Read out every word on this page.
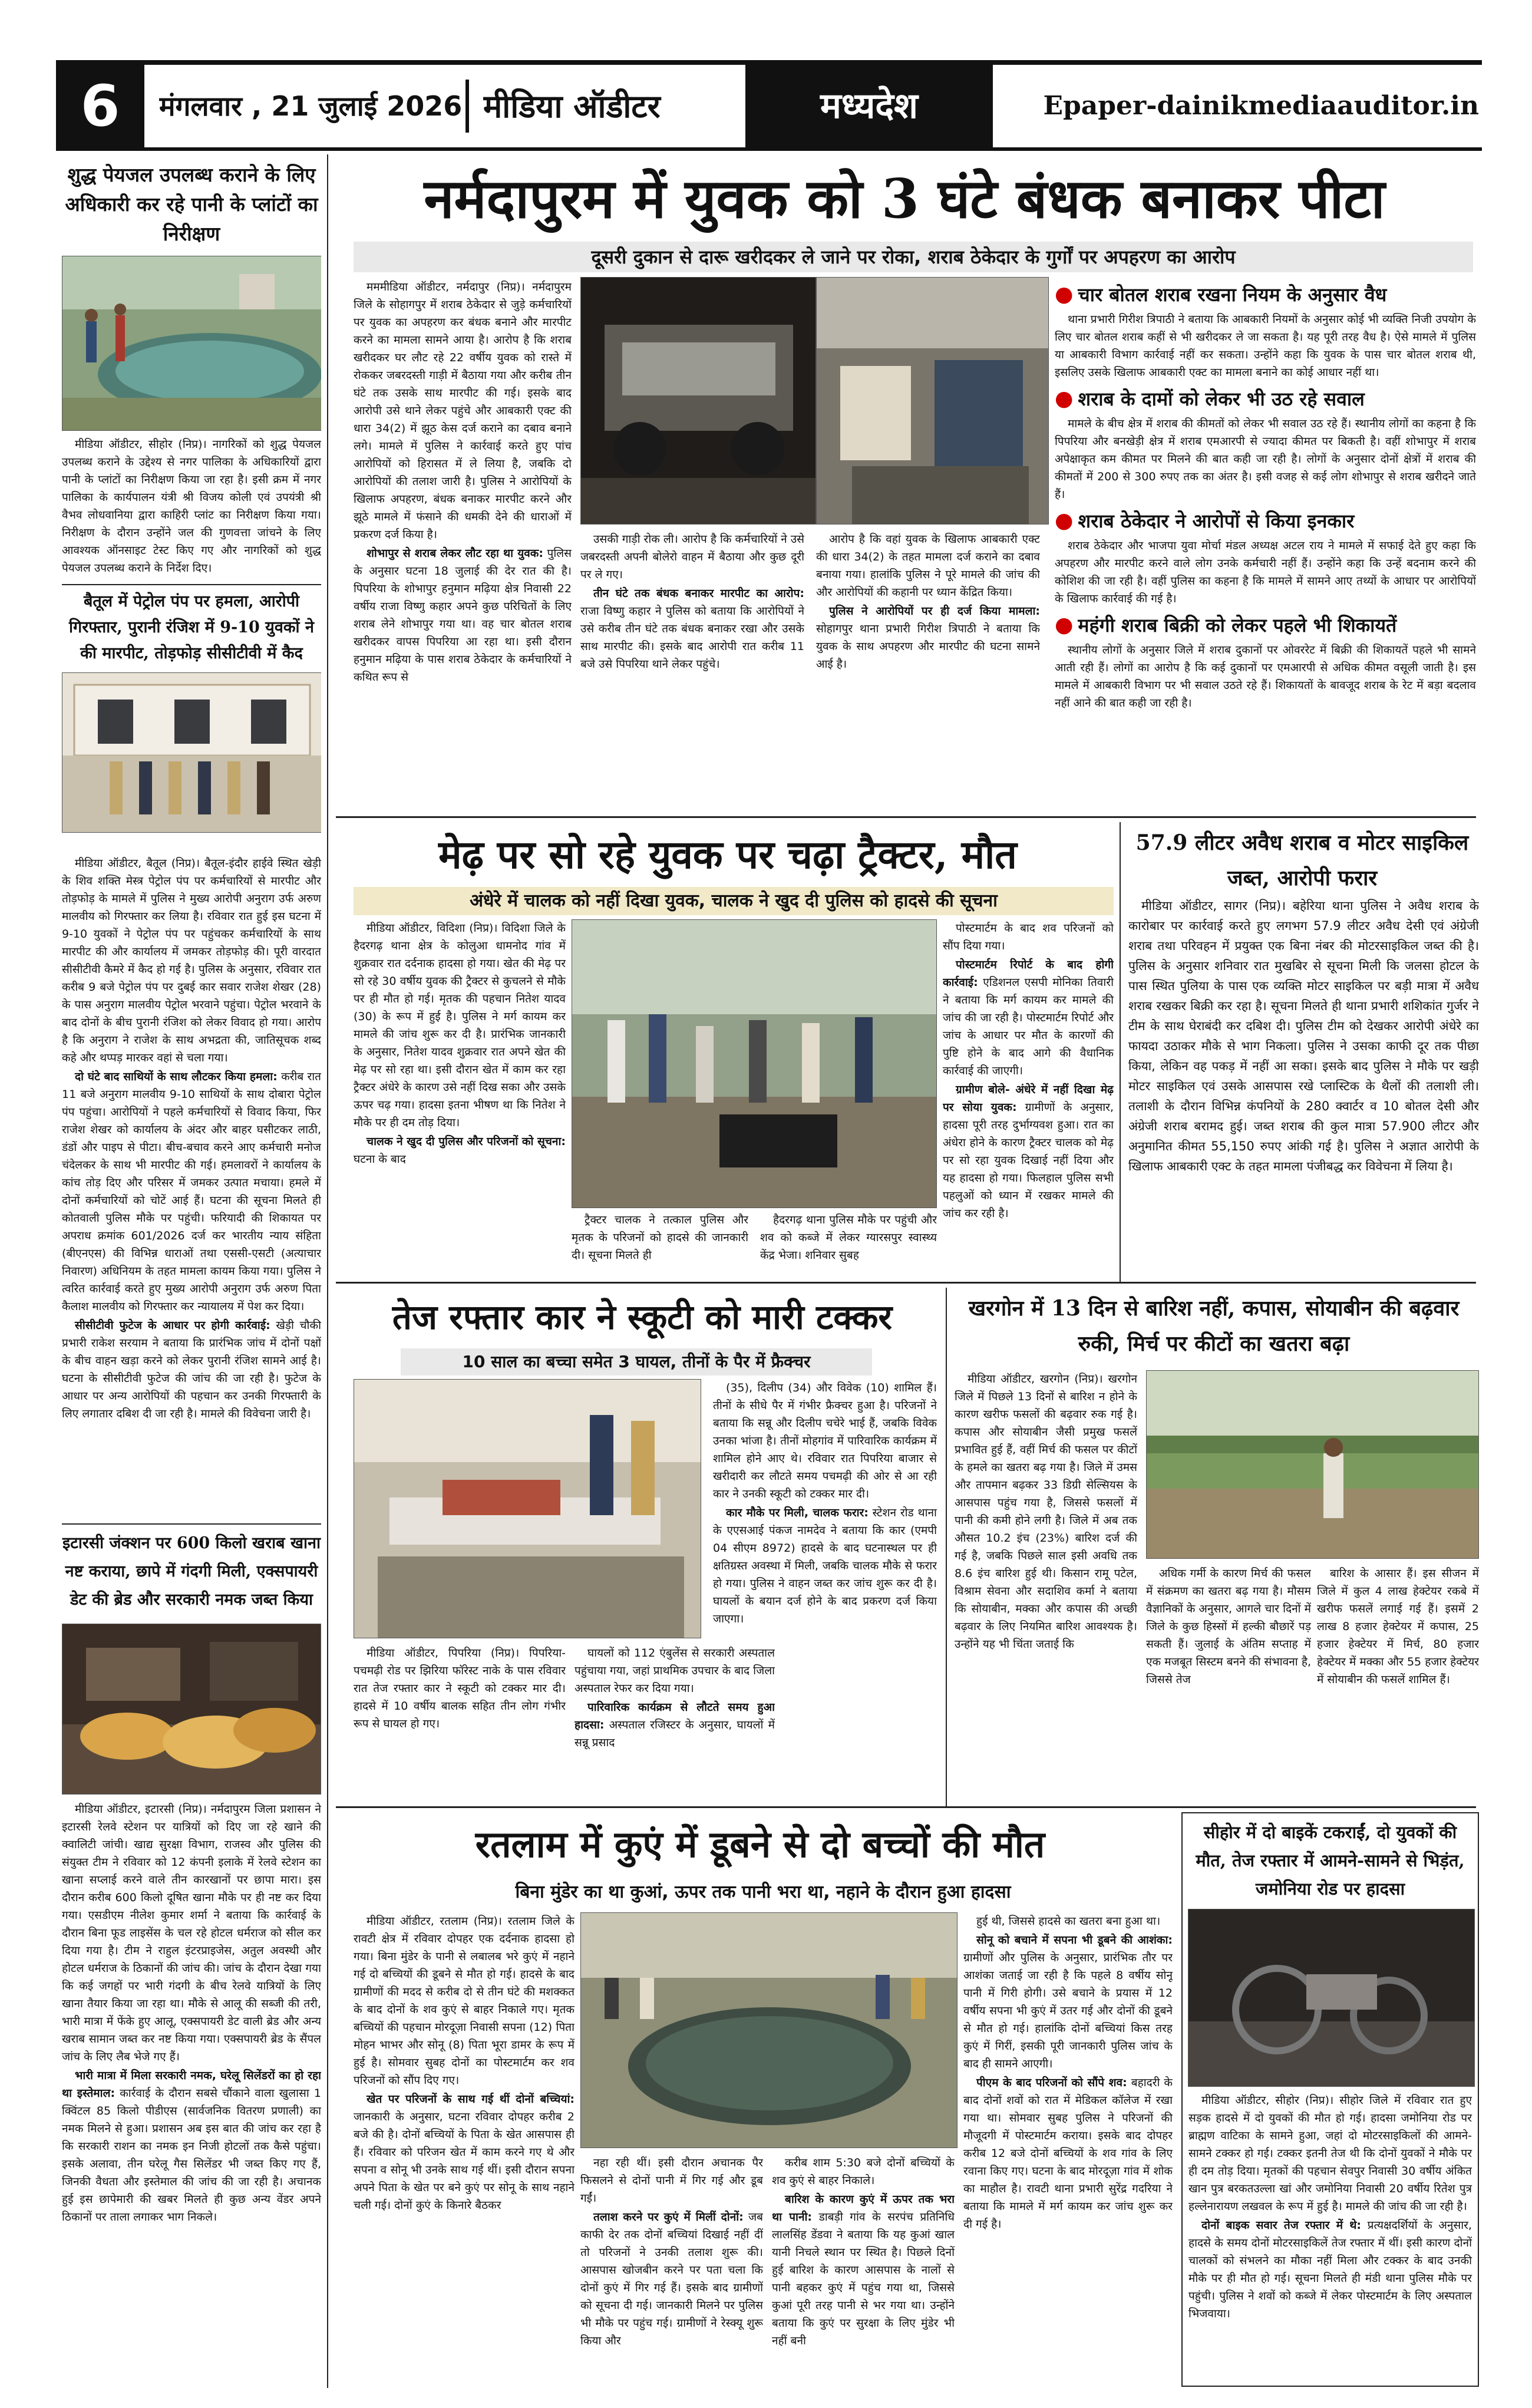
6	मंगलवार , 21 जुलाई 2026 मीडिया ऑडीटर	मध्यदेश	Epaper-dainikmediaauditor.in
शुद्ध पेयजल उपलब्ध कराने के लिए अधिकारी कर रहे पानी के प्लांटों का निरीक्षण

मीडिया ऑडीटर, सीहोर (निप्र)। नागरिकों को शुद्ध पेयजल उपलब्ध कराने के उद्देश्य से नगर पालिका के अधिकारियों द्वारा पानी के प्लांटों का निरीक्षण किया जा रहा है। इसी क्रम में नगर पालिका के कार्यपालन यंत्री श्री विजय कोली एवं उपयंत्री श्री वैभव लोधवानिया द्वारा काहिरी प्लांट का निरीक्षण किया गया। निरीक्षण के दौरान उन्होंने जल की गुणवत्ता जांचने के लिए आवश्यक ऑनसाइट टेस्ट किए गए और नागरिकों को शुद्ध पेयजल उपलब्ध कराने के निर्देश दिए।

बैतूल में पेट्रोल पंप पर हमला, आरोपी गिरफ्तार, पुरानी रंजिश में 9-10 युवकों ने की मारपीट, तोड़फोड़ सीसीटीवी में कैद

मीडिया ऑडीटर, बैतूल (निप्र)। बैतूल-इंदौर हाईवे स्थित खेड़ी के शिव शक्ति मेस्त्र पेट्रोल पंप पर कर्मचारियों से मारपीट और तोड़फोड़ के मामले में पुलिस ने मुख्य आरोपी अनुराग उर्फ अरुण मालवीय को गिरफ्तार कर लिया है। रविवार रात हुई इस घटना में 9-10 युवकों ने पेट्रोल पंप पर पहुंचकर कर्मचारियों के साथ मारपीट की और कार्यालय में जमकर तोड़फोड़ की। पूरी वारदात सीसीटीवी कैमरे में कैद हो गई है। पुलिस के अनुसार, रविवार रात करीब 9 बजे पेट्रोल पंप पर दुबई कार सवार राजेश शेखर (28) के पास अनुराग मालवीय पेट्रोल भरवाने पहुंचा। पेट्रोल भरवाने के बाद दोनों के बीच पुरानी रंजिश को लेकर विवाद हो गया। आरोप है कि अनुराग ने राजेश के साथ अभद्रता की, जातिसूचक शब्द कहे और थप्पड़ मारकर वहां से चला गया।

दो घंटे बाद साथियों के साथ लौटकर किया हमला: करीब रात 11 बजे अनुराग मालवीय 9-10 साथियों के साथ दोबारा पेट्रोल पंप पहुंचा। आरोपियों ने पहले कर्मचारियों से विवाद किया, फिर राजेश शेखर को कार्यालय के अंदर और बाहर घसीटकर लाठी, डंडों और पाइप से पीटा। बीच-बचाव करने आए कर्मचारी मनोज चंदेलकर के साथ भी मारपीट की गई। हमलावरों ने कार्यालय के कांच तोड़ दिए और परिसर में जमकर उत्पात मचाया। हमले में दोनों कर्मचारियों को चोटें आई हैं। घटना की सूचना मिलते ही कोतवाली पुलिस मौके पर पहुंची। फरियादी की शिकायत पर अपराध क्रमांक 601/2026 दर्ज कर भारतीय न्याय संहिता (बीएनएस) की विभिन्न धाराओं तथा एससी-एसटी (अत्याचार निवारण) अधिनियम के तहत मामला कायम किया गया। पुलिस ने त्वरित कार्रवाई करते हुए मुख्य आरोपी अनुराग उर्फ अरुण पिता कैलाश मालवीय को गिरफ्तार कर न्यायालय में पेश कर दिया।

सीसीटीवी फुटेज के आधार पर होगी कार्रवाई: खेड़ी चौकी प्रभारी राकेश सरयाम ने बताया कि प्रारंभिक जांच में दोनों पक्षों के बीच वाहन खड़ा करने को लेकर पुरानी रंजिश सामने आई है। घटना के सीसीटीवी फुटेज की जांच की जा रही है। फुटेज के आधार पर अन्य आरोपियों की पहचान कर उनकी गिरफ्तारी के लिए लगातार दबिश दी जा रही है। मामले की विवेचना जारी है।

इटारसी जंक्शन पर 600 किलो खराब खाना नष्ट कराया, छापे में गंदगी मिली, एक्सपायरी डेट की ब्रेड और सरकारी नमक जब्त किया

मीडिया ऑडीटर, इटारसी (निप्र)। नर्मदापुरम जिला प्रशासन ने इटारसी रेलवे स्टेशन पर यात्रियों को दिए जा रहे खाने की क्वालिटी जांची। खाद्य सुरक्षा विभाग, राजस्व और पुलिस की संयुक्त टीम ने रविवार को 12 कंपनी इलाके में रेलवे स्टेशन का खाना सप्लाई करने वाले तीन कारखानों पर छापा मारा। इस दौरान करीब 600 किलो दूषित खाना मौके पर ही नष्ट कर दिया गया। एसडीएम नीलेश कुमार शर्मा ने बताया कि कार्रवाई के दौरान बिना फूड लाइसेंस के चल रहे होटल धर्मराज को सील कर दिया गया है। टीम ने राहुल इंटरप्राइजेस, अतुल अवस्थी और होटल धर्मराज के ठिकानों की जांच की। जांच के दौरान देखा गया कि कई जगहों पर भारी गंदगी के बीच रेलवे यात्रियों के लिए खाना तैयार किया जा रहा था। मौके से आलू की सब्जी की तरी, भारी मात्रा में फेंके हुए आलू, एक्सपायरी डेट वाली ब्रेड और अन्य खराब सामान जब्त कर नष्ट किया गया। एक्सपायरी ब्रेड के सैंपल जांच के लिए लैब भेजे गए हैं।

भारी मात्रा में मिला सरकारी नमक, घरेलू सिलेंडरों का हो रहा था इस्तेमाल: कार्रवाई के दौरान सबसे चौंकाने वाला खुलासा 1 क्विंटल 85 किलो पीडीएस (सार्वजनिक वितरण प्रणाली) का नमक मिलने से हुआ। प्रशासन अब इस बात की जांच कर रहा है कि सरकारी राशन का नमक इन निजी होटलों तक कैसे पहुंचा। इसके अलावा, तीन घरेलू गैस सिलेंडर भी जब्त किए गए हैं, जिनकी वैधता और इस्तेमाल की जांच की जा रही है। अचानक हुई इस छापेमारी की खबर मिलते ही कुछ अन्य वेंडर अपने ठिकानों पर ताला लगाकर भाग निकले।

नर्मदापुरम में युवक को 3 घंटे बंधक बनाकर पीटा
दूसरी दुकान से दारू खरीदकर ले जाने पर रोका, शराब ठेकेदार के गुर्गों पर अपहरण का आरोप

मममीडिया ऑडीटर, नर्मदापुर (निप्र)। नर्मदापुरम जिले के सोहागपुर में शराब ठेकेदार से जुड़े कर्मचारियों पर युवक का अपहरण कर बंधक बनाने और मारपीट करने का मामला सामने आया है। आरोप है कि शराब खरीदकर घर लौट रहे 22 वर्षीय युवक को रास्ते में रोककर जबरदस्ती गाड़ी में बैठाया गया और करीब तीन घंटे तक उसके साथ मारपीट की गई। इसके बाद आरोपी उसे थाने लेकर पहुंचे और आबकारी एक्ट की धारा 34(2) में झूठ केस दर्ज कराने का दबाव बनाने लगे। मामले में पुलिस ने कार्रवाई करते हुए पांच आरोपियों को हिरासत में ले लिया है, जबकि दो आरोपियों की तलाश जारी है। पुलिस ने आरोपियों के खिलाफ अपहरण, बंधक बनाकर मारपीट करने और झूठे मामले में फंसाने की धमकी देने की धाराओं में प्रकरण दर्ज किया है।

शोभापुर से शराब लेकर लौट रहा था युवक: पुलिस के अनुसार घटना 18 जुलाई की देर रात की है। पिपरिया के शोभापुर हनुमान मढ़िया क्षेत्र निवासी 22 वर्षीय राजा विष्णु कहार अपने कुछ परिचितों के लिए शराब लेने शोभापुर गया था। वह चार बोतल शराब खरीदकर वापस पिपरिया आ रहा था। इसी दौरान हनुमान मढ़िया के पास शराब ठेकेदार के कर्मचारियों ने कथित रूप से

उसकी गाड़ी रोक ली। आरोप है कि कर्मचारियों ने उसे जबरदस्ती अपनी बोलेरो वाहन में बैठाया और कुछ दूरी पर ले गए।

तीन घंटे तक बंधक बनाकर मारपीट का आरोप: राजा विष्णु कहार ने पुलिस को बताया कि आरोपियों ने उसे करीब तीन घंटे तक बंधक बनाकर रखा और उसके साथ मारपीट की। इसके बाद आरोपी रात करीब 11 बजे उसे पिपरिया थाने लेकर पहुंचे।

आरोप है कि वहां युवक के खिलाफ आबकारी एक्ट की धारा 34(2) के तहत मामला दर्ज कराने का दबाव बनाया गया। हालांकि पुलिस ने पूरे मामले की जांच की और आरोपियों की कहानी पर ध्यान केंद्रित किया।

पुलिस ने आरोपियों पर ही दर्ज किया मामला: सोहागपुर थाना प्रभारी गिरीश त्रिपाठी ने बताया कि युवक के साथ अपहरण और मारपीट की घटना सामने आई है।

● चार बोतल शराब रखना नियम के अनुसार वैध

थाना प्रभारी गिरीश त्रिपाठी ने बताया कि आबकारी नियमों के अनुसार कोई भी व्यक्ति निजी उपयोग के लिए चार बोतल शराब कहीं से भी खरीदकर ले जा सकता है। यह पूरी तरह वैध है। ऐसे मामले में पुलिस या आबकारी विभाग कार्रवाई नहीं कर सकता। उन्होंने कहा कि युवक के पास चार बोतल शराब थी, इसलिए उसके खिलाफ आबकारी एक्ट का मामला बनाने का कोई आधार नहीं था।

● शराब के दामों को लेकर भी उठ रहे सवाल

मामले के बीच क्षेत्र में शराब की कीमतों को लेकर भी सवाल उठ रहे हैं। स्थानीय लोगों का कहना है कि पिपरिया और बनखेड़ी क्षेत्र में शराब एमआरपी से ज्यादा कीमत पर बिकती है। वहीं शोभापुर में शराब अपेक्षाकृत कम कीमत पर मिलने की बात कही जा रही है। लोगों के अनुसार दोनों क्षेत्रों में शराब की कीमतों में 200 से 300 रुपए तक का अंतर है। इसी वजह से कई लोग शोभापुर से शराब खरीदने जाते हैं।

● शराब ठेकेदार ने आरोपों से किया इनकार

शराब ठेकेदार और भाजपा युवा मोर्चा मंडल अध्यक्ष अटल राय ने मामले में सफाई देते हुए कहा कि अपहरण और मारपीट करने वाले लोग उनके कर्मचारी नहीं हैं। उन्होंने कहा कि उन्हें बदनाम करने की कोशिश की जा रही है। वहीं पुलिस का कहना है कि मामले में सामने आए तथ्यों के आधार पर आरोपियों के खिलाफ कार्रवाई की गई है।

● महंगी शराब बिक्री को लेकर पहले भी शिकायतें

स्थानीय लोगों के अनुसार जिले में शराब दुकानों पर ओवररेट में बिक्री की शिकायतें पहले भी सामने आती रही हैं। लोगों का आरोप है कि कई दुकानों पर एमआरपी से अधिक कीमत वसूली जाती है। इस मामले में आबकारी विभाग पर भी सवाल उठते रहे हैं। शिकायतों के बावजूद शराब के रेट में बड़ा बदलाव नहीं आने की बात कही जा रही है।

मेढ़ पर सो रहे युवक पर चढ़ा ट्रैक्टर, मौत
अंधेरे में चालक को नहीं दिखा युवक, चालक ने खुद दी पुलिस को हादसे की सूचना

मीडिया ऑडीटर, विदिशा (निप्र)। विदिशा जिले के हैदरगढ़ थाना क्षेत्र के कोलुआ धामनोद गांव में शुक्रवार रात दर्दनाक हादसा हो गया। खेत की मेढ़ पर सो रहे 30 वर्षीय युवक की ट्रैक्टर से कुचलने से मौके पर ही मौत हो गई। मृतक की पहचान नितेश यादव (30) के रूप में हुई है। पुलिस ने मर्ग कायम कर मामले की जांच शुरू कर दी है। प्रारंभिक जानकारी के अनुसार, नितेश यादव शुक्रवार रात अपने खेत की मेढ़ पर सो रहा था। इसी दौरान खेत में काम कर रहा ट्रैक्टर अंधेरे के कारण उसे नहीं दिख सका और उसके ऊपर चढ़ गया। हादसा इतना भीषण था कि नितेश ने मौके पर ही दम तोड़ दिया।

चालक ने खुद दी पुलिस और परिजनों को सूचना: घटना के बाद

ट्रैक्टर चालक ने तत्काल पुलिस और मृतक के परिजनों को हादसे की जानकारी दी। सूचना मिलते ही

हैदरगढ़ थाना पुलिस मौके पर पहुंची और शव को कब्जे में लेकर ग्यारसपुर स्वास्थ्य केंद्र भेजा। शनिवार सुबह

पोस्टमार्टम के बाद शव परिजनों को सौंप दिया गया।

पोस्टमार्टम रिपोर्ट के बाद होगी कार्रवाई: एडिशनल एसपी मोनिका तिवारी ने बताया कि मर्ग कायम कर मामले की जांच की जा रही है। पोस्टमार्टम रिपोर्ट और जांच के आधार पर मौत के कारणों की पुष्टि होने के बाद आगे की वैधानिक कार्रवाई की जाएगी।

ग्रामीण बोले- अंधेरे में नहीं दिखा मेढ़ पर सोया युवक: ग्रामीणों के अनुसार, हादसा पूरी तरह दुर्भाग्यवश हुआ। रात का अंधेरा होने के कारण ट्रैक्टर चालक को मेढ़ पर सो रहा युवक दिखाई नहीं दिया और यह हादसा हो गया। फिलहाल पुलिस सभी पहलुओं को ध्यान में रखकर मामले की जांच कर रही है।

57.9 लीटर अवैध शराब व मोटर साइकिल जब्त, आरोपी फरार

मीडिया ऑडीटर, सागर (निप्र)। बहेरिया थाना पुलिस ने अवैध शराब के कारोबार पर कार्रवाई करते हुए लगभग 57.9 लीटर अवैध देसी एवं अंग्रेजी शराब तथा परिवहन में प्रयुक्त एक बिना नंबर की मोटरसाइकिल जब्त की है। पुलिस के अनुसार शनिवार रात मुखबिर से सूचना मिली कि जलसा होटल के पास स्थित पुलिया के पास एक व्यक्ति मोटर साइकिल पर बड़ी मात्रा में अवैध शराब रखकर बिक्री कर रहा है। सूचना मिलते ही थाना प्रभारी शशिकांत गुर्जर ने टीम के साथ घेराबंदी कर दबिश दी। पुलिस टीम को देखकर आरोपी अंधेरे का फायदा उठाकर मौके से भाग निकला। पुलिस ने उसका काफी दूर तक पीछा किया, लेकिन वह पकड़ में नहीं आ सका। इसके बाद पुलिस ने मौके पर खड़ी मोटर साइकिल एवं उसके आसपास रखे प्लास्टिक के थैलों की तलाशी ली। तलाशी के दौरान विभिन्न कंपनियों के 280 क्वार्टर व 10 बोतल देसी और अंग्रेजी शराब बरामद हुई। जब्त शराब की कुल मात्रा 57.900 लीटर और अनुमानित कीमत 55,150 रुपए आंकी गई है। पुलिस ने अज्ञात आरोपी के खिलाफ आबकारी एक्ट के तहत मामला पंजीबद्ध कर विवेचना में लिया है।

तेज रफ्तार कार ने स्कूटी को मारी टक्कर
10 साल का बच्चा समेत 3 घायल, तीनों के पैर में फ्रैक्चर

मीडिया ऑडीटर, पिपरिया (निप्र)। पिपरिया-पचमढ़ी रोड पर झिरिया फॉरेस्ट नाके के पास रविवार रात तेज रफ्तार कार ने स्कूटी को टक्कर मार दी। हादसे में 10 वर्षीय बालक सहित तीन लोग गंभीर रूप से घायल हो गए।

घायलों को 112 एंबुलेंस से सरकारी अस्पताल पहुंचाया गया, जहां प्राथमिक उपचार के बाद जिला अस्पताल रेफर कर दिया गया।

पारिवारिक कार्यक्रम से लौटते समय हुआ हादसा: अस्पताल रजिस्टर के अनुसार, घायलों में सन्नू प्रसाद

(35), दिलीप (34) और विवेक (10) शामिल हैं। तीनों के सीधे पैर में गंभीर फ्रैक्चर हुआ है। परिजनों ने बताया कि सन्नू और दिलीप चचेरे भाई हैं, जबकि विवेक उनका भांजा है। तीनों मोहगांव में पारिवारिक कार्यक्रम में शामिल होने आए थे। रविवार रात पिपरिया बाजार से खरीदारी कर लौटते समय पचमढ़ी की ओर से आ रही कार ने उनकी स्कूटी को टक्कर मार दी।

कार मौके पर मिली, चालक फरार: स्टेशन रोड थाना के एएसआई पंकज नामदेव ने बताया कि कार (एमपी 04 सीएम 8972) हादसे के बाद घटनास्थल पर ही क्षतिग्रस्त अवस्था में मिली, जबकि चालक मौके से फरार हो गया। पुलिस ने वाहन जब्त कर जांच शुरू कर दी है। घायलों के बयान दर्ज होने के बाद प्रकरण दर्ज किया जाएगा।

खरगोन में 13 दिन से बारिश नहीं, कपास, सोयाबीन की बढ़वार रुकी, मिर्च पर कीटों का खतरा बढ़ा

मीडिया ऑडीटर, खरगोन (निप्र)। खरगोन जिले में पिछले 13 दिनों से बारिश न होने के कारण खरीफ फसलों की बढ़वार रुक गई है। कपास और सोयाबीन जैसी प्रमुख फसलें प्रभावित हुई हैं, वहीं मिर्च की फसल पर कीटों के हमले का खतरा बढ़ गया है। जिले में उमस और तापमान बढ़कर 33 डिग्री सेल्सियस के आसपास पहुंच गया है, जिससे फसलों में पानी की कमी होने लगी है। जिले में अब तक औसत 10.2 इंच (23%) बारिश दर्ज की गई है, जबकि पिछले साल इसी अवधि तक 8.6 इंच बारिश हुई थी। किसान रामू पटेल, विश्राम सेवना और सदाशिव कर्मा ने बताया कि सोयाबीन, मक्का और कपास की अच्छी बढ़वार के लिए नियमित बारिश आवश्यक है। उन्होंने यह भी चिंता जताई कि

अधिक गर्मी के कारण मिर्च की फसल में संक्रमण का खतरा बढ़ गया है। मौसम वैज्ञानिकों के अनुसार, आगले चार दिनों में जिले के कुछ हिस्सों में हल्की बौछारें पड़ सकती हैं। जुलाई के अंतिम सप्ताह में एक मजबूत सिस्टम बनने की संभावना है, जिससे तेज

बारिश के आसार हैं। इस सीजन में जिले में कुल 4 लाख हेक्टेयर रकबे में खरीफ फसलें लगाई गई हैं। इसमें 2 लाख 8 हजार हेक्टेयर में कपास, 25 हजार हेक्टेयर में मिर्च, 80 हजार हेक्टेयर में मक्का और 55 हजार हेक्टेयर में सोयाबीन की फसलें शामिल हैं।

रतलाम में कुएं में डूबने से दो बच्चों की मौत
बिना मुंडेर का था कुआं, ऊपर तक पानी भरा था, नहाने के दौरान हुआ हादसा

मीडिया ऑडीटर, रतलाम (निप्र)। रतलाम जिले के रावटी क्षेत्र में रविवार दोपहर एक दर्दनाक हादसा हो गया। बिना मुंडेर के पानी से लबालब भरे कुएं में नहाने गई दो बच्चियों की डूबने से मौत हो गई। हादसे के बाद ग्रामीणों की मदद से करीब दो से तीन घंटे की मशक्कत के बाद दोनों के शव कुएं से बाहर निकाले गए। मृतक बच्चियों की पहचान मोरदूज़ा निवासी सपना (12) पिता मोहन भाभर और सोनू (8) पिता भूरा डामर के रूप में हुई है। सोमवार सुबह दोनों का पोस्टमार्टम कर शव परिजनों को सौंप दिए गए।

खेत पर परिजनों के साथ गई थीं दोनों बच्चियां: जानकारी के अनुसार, घटना रविवार दोपहर करीब 2 बजे की है। दोनों बच्चियों के पिता के खेत आसपास ही हैं। रविवार को परिजन खेत में काम करने गए थे और सपना व सोनू भी उनके साथ गई थीं। इसी दौरान सपना अपने पिता के खेत पर बने कुएं पर सोनू के साथ नहाने चली गई। दोनों कुएं के किनारे बैठकर

नहा रही थीं। इसी दौरान अचानक पैर फिसलने से दोनों पानी में गिर गई और डूब गईं।

तलाश करने पर कुएं में मिलीं दोनों: जब काफी देर तक दोनों बच्चियां दिखाई नहीं दीं तो परिजनों ने उनकी तलाश शुरू की। आसपास खोजबीन करने पर पता चला कि दोनों कुएं में गिर गई हैं। इसके बाद ग्रामीणों को सूचना दी गई। जानकारी मिलने पर पुलिस भी मौके पर पहुंच गई। ग्रामीणों ने रेस्क्यू शुरू किया और

करीब शाम 5:30 बजे दोनों बच्चियों के शव कुएं से बाहर निकाले।

बारिश के कारण कुएं में ऊपर तक भरा था पानी: डाबड़ी गांव के सरपंच प्रतिनिधि लालसिंह डेंडवा ने बताया कि यह कुआं खाल यानी निचले स्थान पर स्थित है। पिछले दिनों हुई बारिश के कारण आसपास के नालों से पानी बहकर कुएं में पहुंच गया था, जिससे कुआं पूरी तरह पानी से भर गया था। उन्होंने बताया कि कुएं पर सुरक्षा के लिए मुंडेर भी नहीं बनी

हुई थी, जिससे हादसे का खतरा बना हुआ था।

सोनू को बचाने में सपना भी डूबने की आशंका: ग्रामीणों और पुलिस के अनुसार, प्रारंभिक तौर पर आशंका जताई जा रही है कि पहले 8 वर्षीय सोनू पानी में गिरी होगी। उसे बचाने के प्रयास में 12 वर्षीय सपना भी कुएं में उतर गई और दोनों की डूबने से मौत हो गई। हालांकि दोनों बच्चियां किस तरह कुएं में गिरीं, इसकी पूरी जानकारी पुलिस जांच के बाद ही सामने आएगी।

पीएम के बाद परिजनों को सौंपे शव: बहादरी के बाद दोनों शवों को रात में मेडिकल कॉलेज में रखा गया था। सोमवार सुबह पुलिस ने परिजनों की मौजूदगी में पोस्टमार्टम कराया। इसके बाद दोपहर करीब 12 बजे दोनों बच्चियों के शव गांव के लिए रवाना किए गए। घटना के बाद मोरदूज़ा गांव में शोक का माहौल है। रावटी थाना प्रभारी सुरेंद्र गदरिया ने बताया कि मामले में मर्ग कायम कर जांच शुरू कर दी गई है।

सीहोर में दो बाइकें टकराईं, दो युवकों की मौत, तेज रफ्तार में आमने-सामने से भिड़ंत, जमोनिया रोड पर हादसा

मीडिया ऑडीटर, सीहोर (निप्र)। सीहोर जिले में रविवार रात हुए सड़क हादसे में दो युवकों की मौत हो गई। हादसा जमोनिया रोड पर ब्राह्मण वाटिका के सामने हुआ, जहां दो मोटरसाइकिलों की आमने-सामने टक्कर हो गई। टक्कर इतनी तेज थी कि दोनों युवकों ने मौके पर ही दम तोड़ दिया। मृतकों की पहचान सेवपुर निवासी 30 वर्षीय अंकित खान पुत्र बरकतउल्ला खां और जमोनिया निवासी 20 वर्षीय रितेश पुत्र हल्लेनारायण लखवल के रूप में हुई है। मामले की जांच की जा रही है।

दोनों बाइक सवार तेज रफ्तार में थे: प्रत्यक्षदर्शियों के अनुसार, हादसे के समय दोनों मोटरसाइकिलें तेज रफ्तार में थीं। इसी कारण दोनों चालकों को संभलने का मौका नहीं मिला और टक्कर के बाद उनकी मौके पर ही मौत हो गई। सूचना मिलते ही मंडी थाना पुलिस मौके पर पहुंची। पुलिस ने शवों को कब्जे में लेकर पोस्टमार्टम के लिए अस्पताल भिजवाया।
